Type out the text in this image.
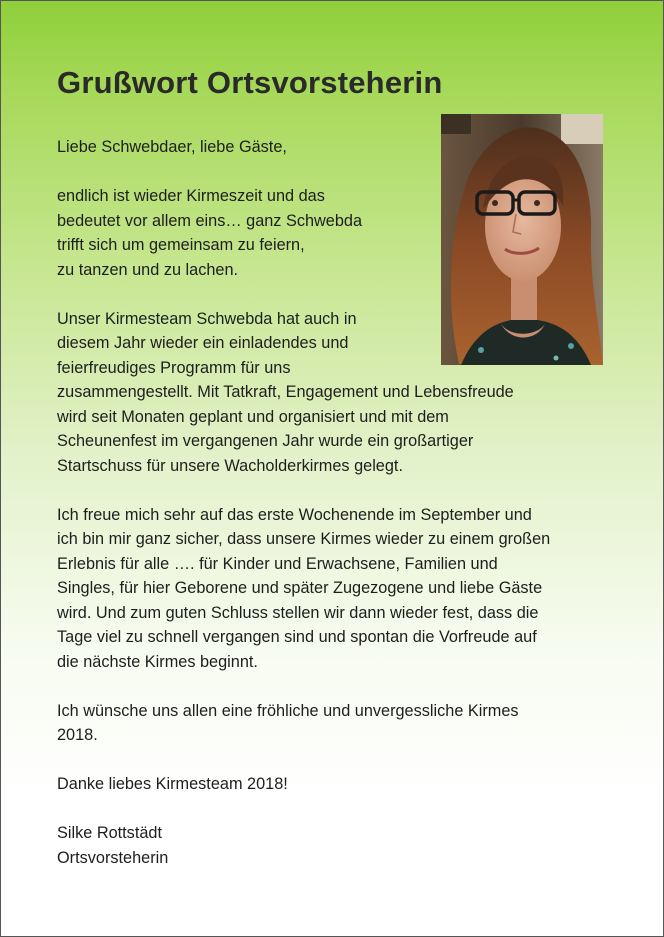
Grußwort Ortsvorsteherin

Liebe Schwebdaer, liebe Gäste,

endlich ist wieder Kirmeszeit und das
bedeutet vor allem eins… ganz Schwebda
trifft sich um gemeinsam zu feiern,
zu tanzen und zu lachen.

Unser Kirmesteam Schwebda hat auch in
diesem Jahr wieder ein einladendes und
feierfreudiges Programm für uns
zusammengestellt. Mit Tatkraft, Engagement und Lebensfreude
wird seit Monaten geplant und organisiert und mit dem
Scheunenfest im vergangenen Jahr wurde ein großartiger
Startschuss für unsere Wacholderkirmes gelegt.

Ich freue mich sehr auf das erste Wochenende im September und
ich bin mir ganz sicher, dass unsere Kirmes wieder zu einem großen
Erlebnis für alle …. für Kinder und Erwachsene, Familien und
Singles, für hier Geborene und später Zugezogene und liebe Gäste
wird. Und zum guten Schluss stellen wir dann wieder fest, dass die
Tage viel zu schnell vergangen sind und spontan die Vorfreude auf
die nächste Kirmes beginnt.

Ich wünsche uns allen eine fröhliche und unvergessliche Kirmes
2018.

Danke liebes Kirmesteam 2018!

Silke Rottstädt
Ortsvorsteherin
